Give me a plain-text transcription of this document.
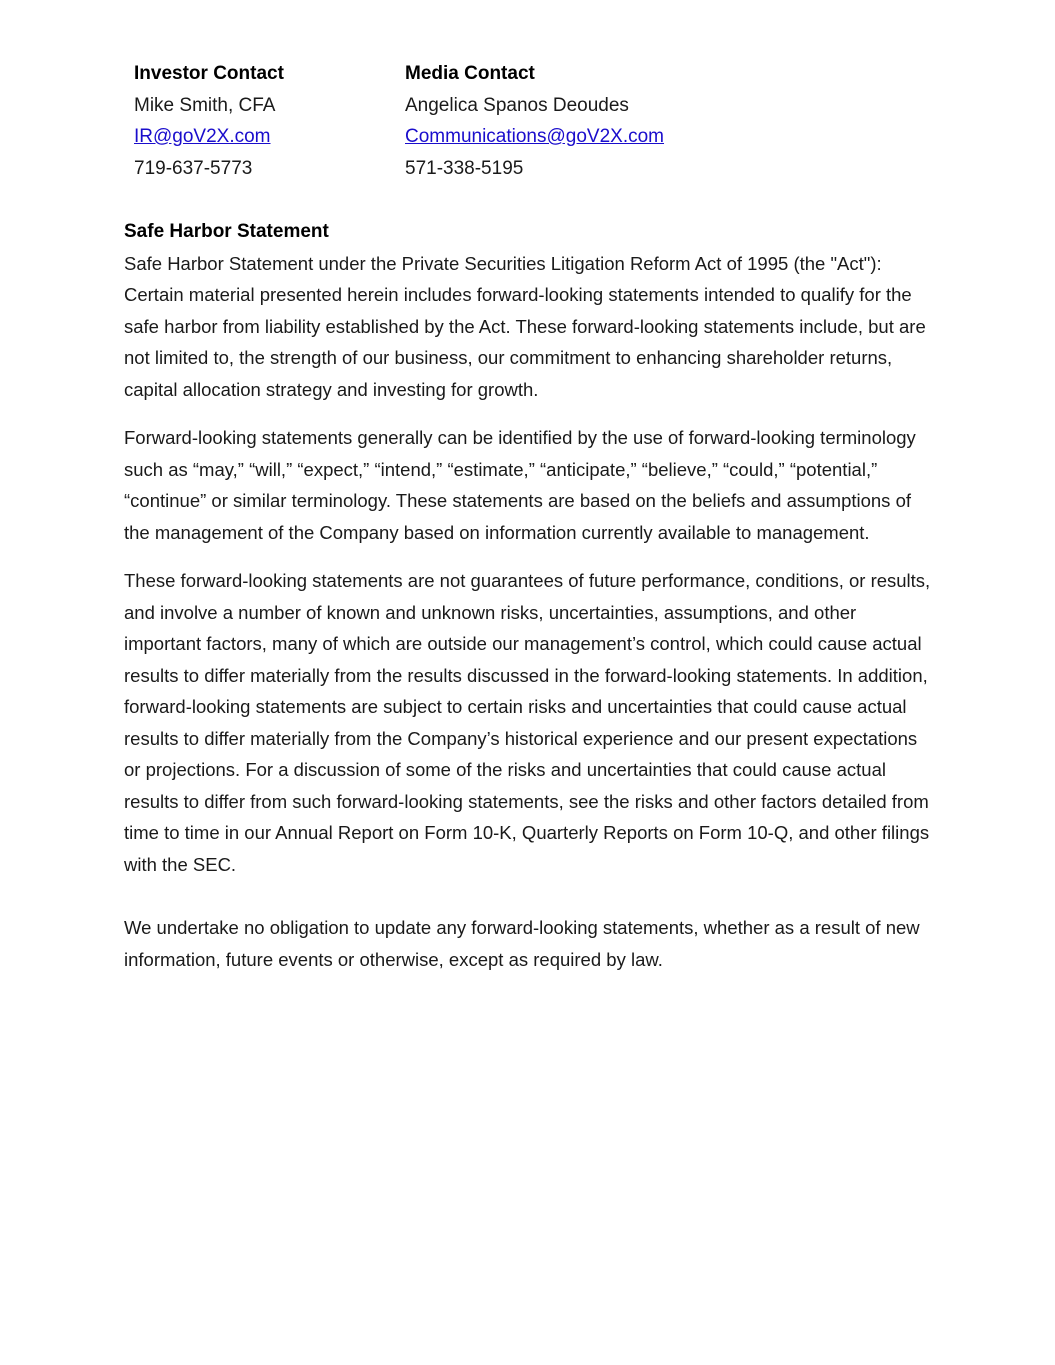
Investor Contact
Mike Smith, CFA
IR@goV2X.com
719-637-5773
Media Contact
Angelica Spanos Deoudes
Communications@goV2X.com
571-338-5195
Safe Harbor Statement

Safe Harbor Statement under the Private Securities Litigation Reform Act of 1995 (the "Act"): Certain material presented herein includes forward-looking statements intended to qualify for the safe harbor from liability established by the Act. These forward-looking statements include, but are not limited to, the strength of our business, our commitment to enhancing shareholder returns, capital allocation strategy and investing for growth.

Forward-looking statements generally can be identified by the use of forward-looking terminology such as “may,” “will,” “expect,” “intend,” “estimate,” “anticipate,” “believe,” “could,” “potential,” “continue” or similar terminology. These statements are based on the beliefs and assumptions of the management of the Company based on information currently available to management.

These forward-looking statements are not guarantees of future performance, conditions, or results, and involve a number of known and unknown risks, uncertainties, assumptions, and other important factors, many of which are outside our management’s control, which could cause actual results to differ materially from the results discussed in the forward-looking statements. In addition, forward-looking statements are subject to certain risks and uncertainties that could cause actual results to differ materially from the Company’s historical experience and our present expectations or projections. For a discussion of some of the risks and uncertainties that could cause actual results to differ from such forward-looking statements, see the risks and other factors detailed from time to time in our Annual Report on Form 10-K, Quarterly Reports on Form 10-Q, and other filings with the SEC.

We undertake no obligation to update any forward-looking statements, whether as a result of new information, future events or otherwise, except as required by law.
